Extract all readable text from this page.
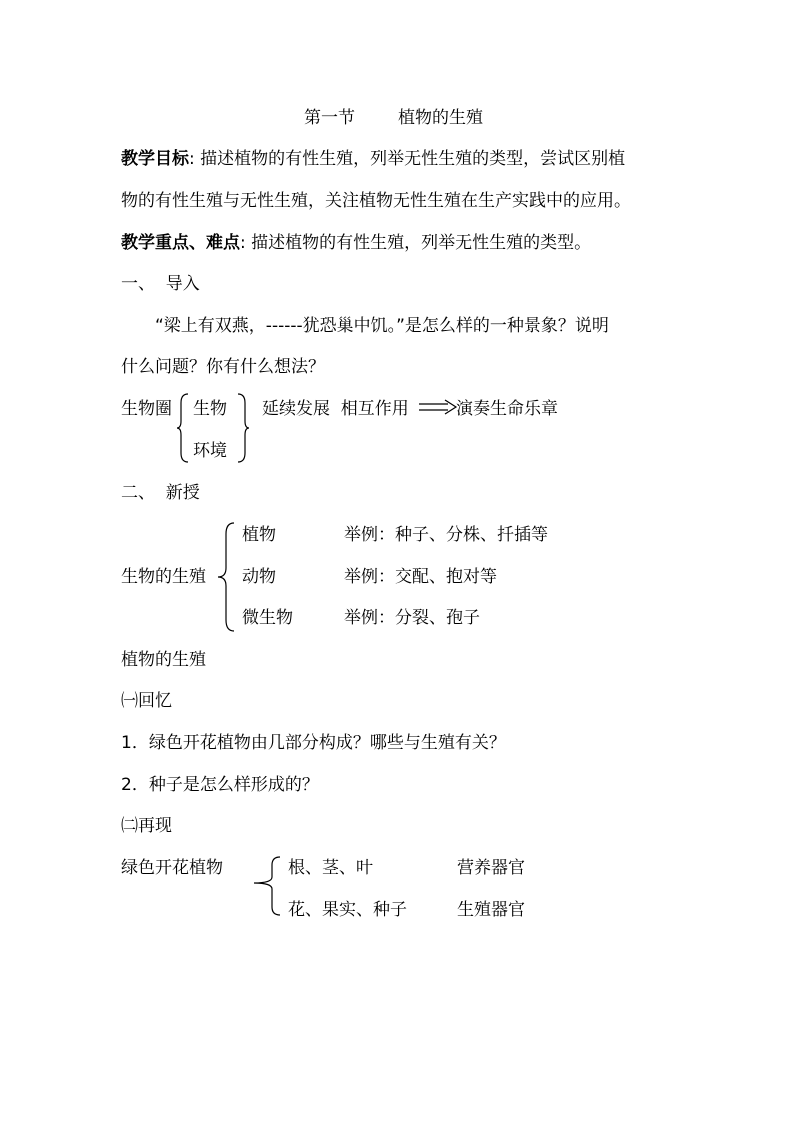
第一节	植物的生殖
教学目标: 描述植物的有性生殖，列举无性生殖的类型，尝试区别植
物的有性生殖与无性生殖，关注植物无性生殖在生产实践中的应用。
教学重点、难点: 描述植物的有性生殖，列举无性生殖的类型。
一、  导入
“梁上有双燕，------犹恐巢中饥。”是怎么样的一种景象？说明
什么问题？你有什么想法？
生物圈 生物
环境
延续发展  相互作用	演奏生命乐章
二、  新授
生物的生殖
植物	举例：种子、分株、扦插等
动物	举例：交配、抱对等
微生物	举例：分裂、孢子
植物的生殖
㈠回忆
1．绿色开花植物由几部分构成？哪些与生殖有关？
2．种子是怎么样形成的？
㈡再现
绿色开花植物	根、茎、叶	营养器官
花、果实、种子	生殖器官
